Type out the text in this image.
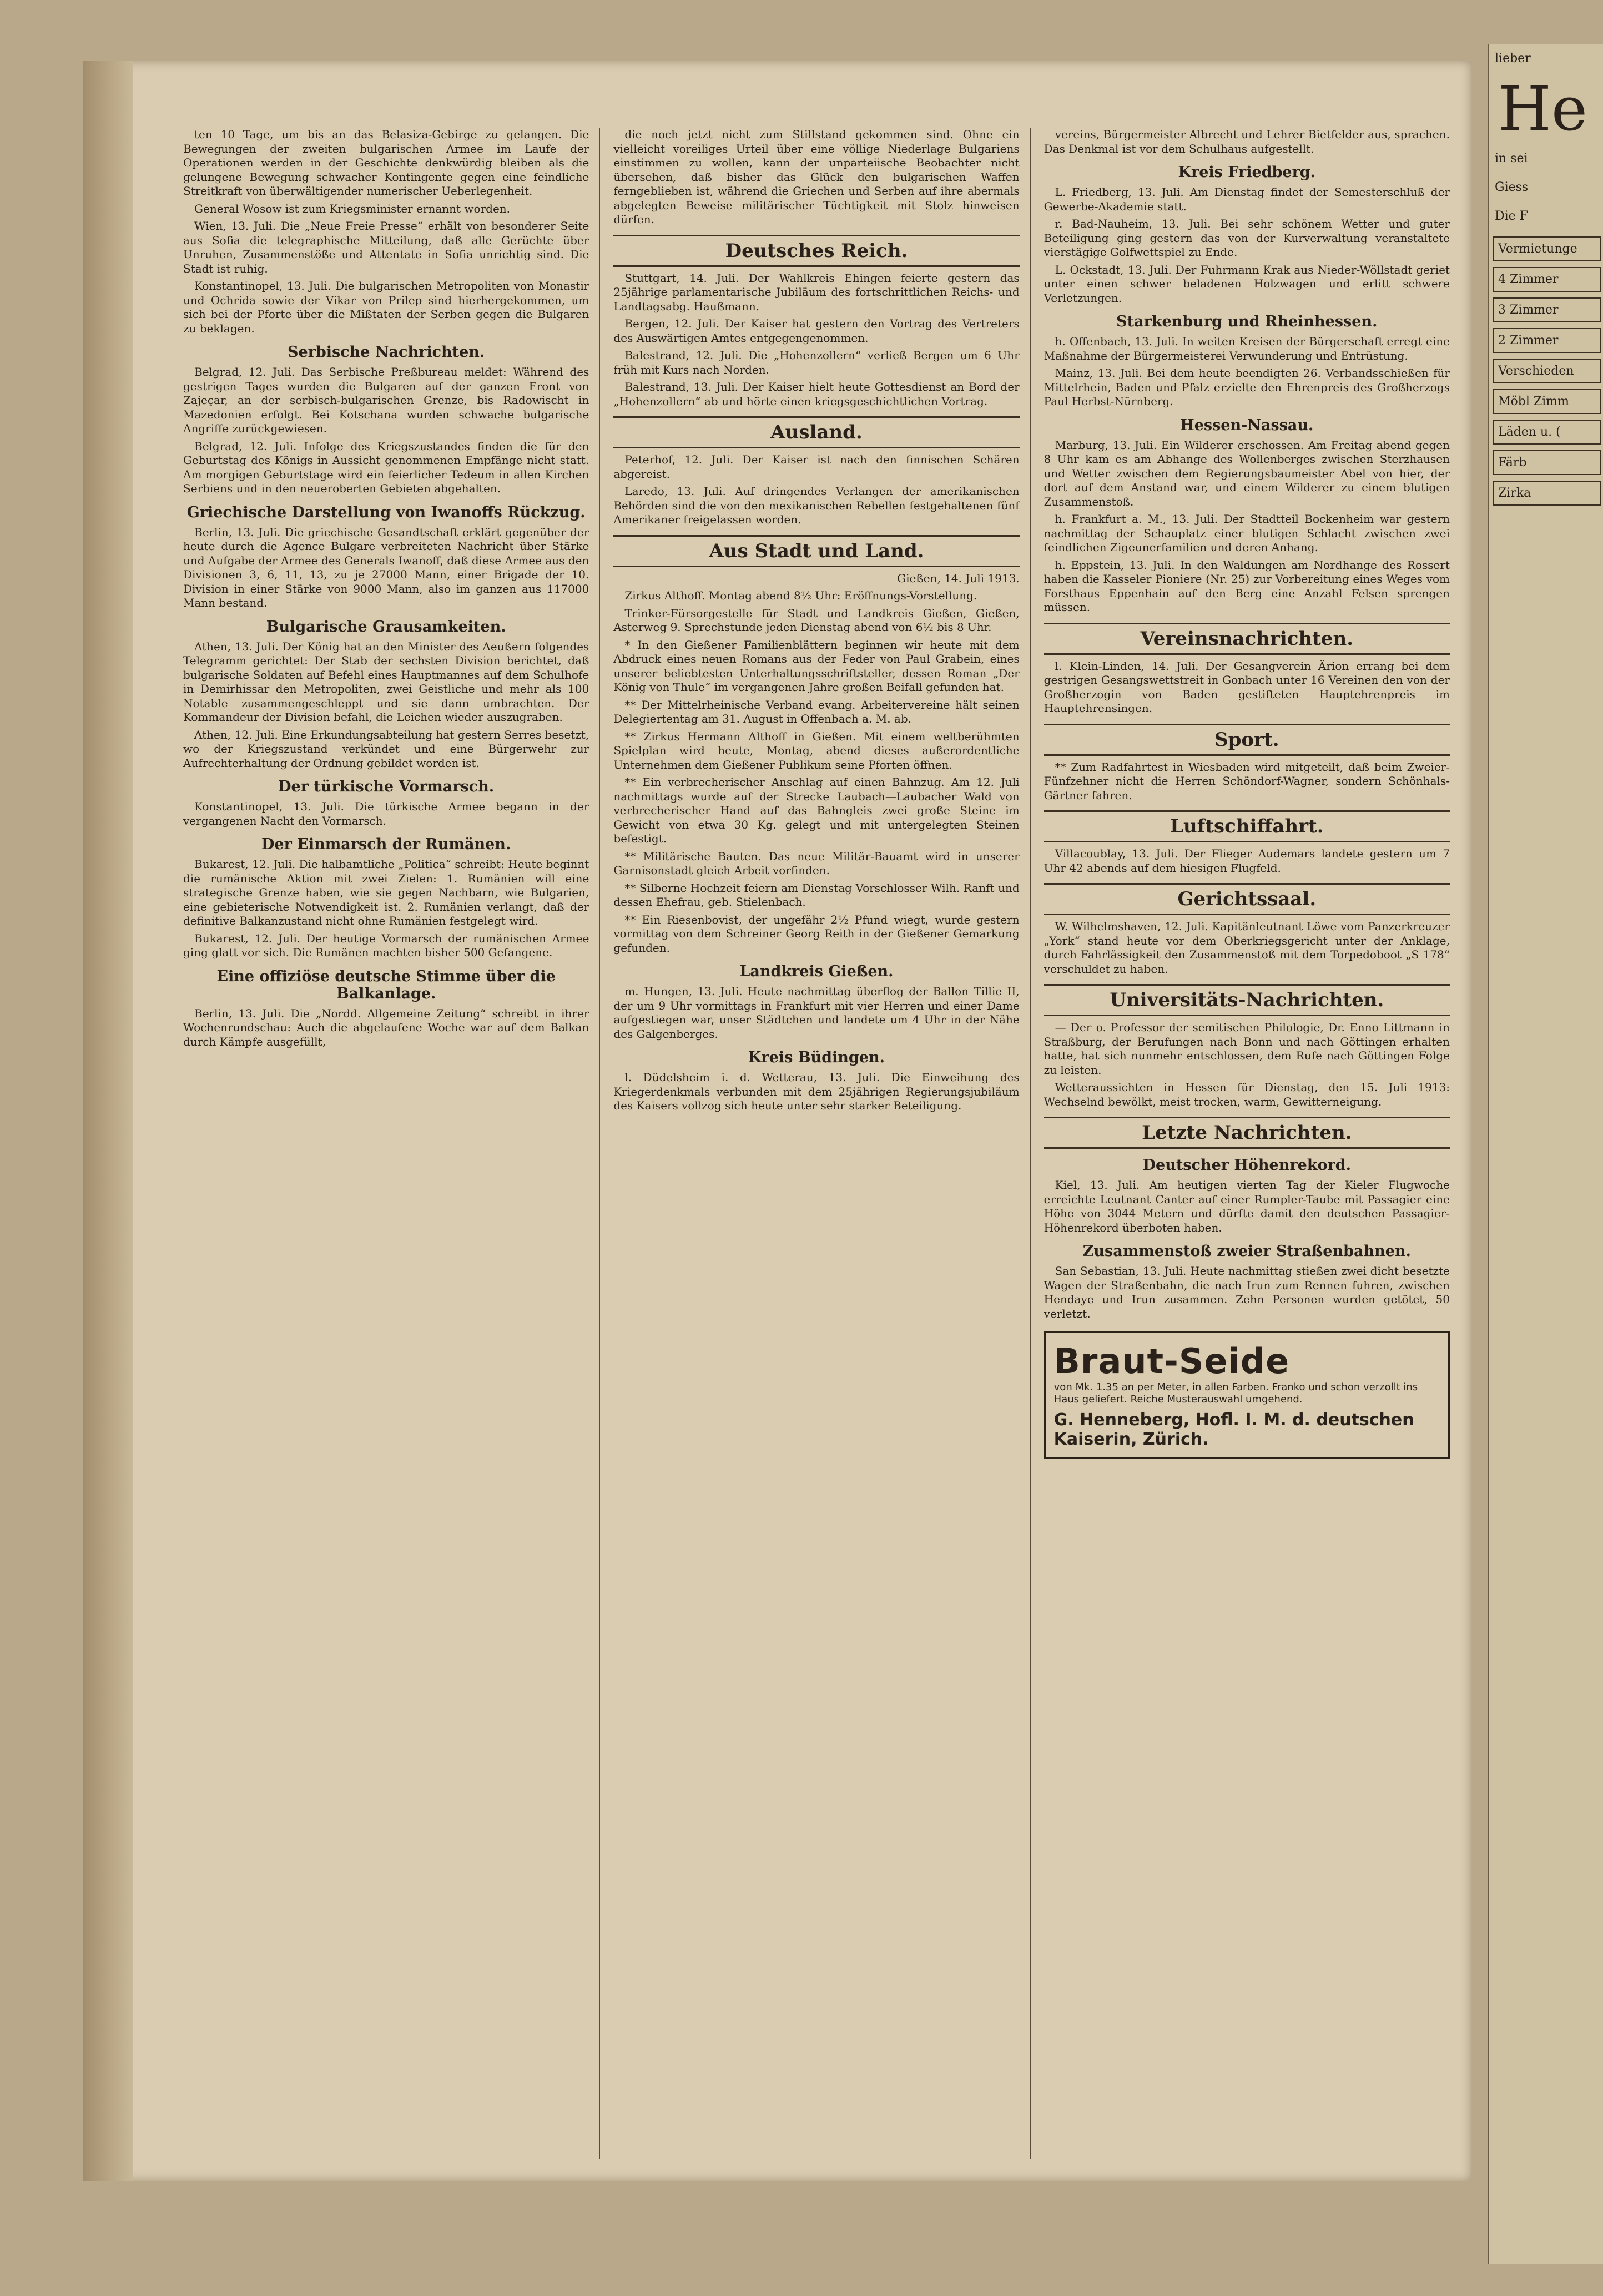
ten 10 Tage, um bis an das Belasiza-Gebirge zu gelangen. Die Bewegungen der zweiten bulgarischen Armee im Laufe der Operationen werden in der Geschichte denkwürdig bleiben als die gelungene Bewegung schwacher Kontingente gegen eine feindliche Streitkraft von überwältigender numerischer Ueberlegenheit.

General Wosow ist zum Kriegsminister ernannt worden.

Wien, 13. Juli. Die „Neue Freie Presse“ erhält von besonderer Seite aus Sofia die telegraphische Mitteilung, daß alle Gerüchte über Unruhen, Zusammenstöße und Attentate in Sofia unrichtig sind. Die Stadt ist ruhig.

Konstantinopel, 13. Juli. Die bulgarischen Metropoliten von Monastir und Ochrida sowie der Vikar von Prilep sind hierhergekommen, um sich bei der Pforte über die Mißtaten der Serben gegen die Bulgaren zu beklagen.

Serbische Nachrichten.

Belgrad, 12. Juli. Das Serbische Preßbureau meldet: Während des gestrigen Tages wurden die Bulgaren auf der ganzen Front von Zajeçar, an der serbisch-bulgarischen Grenze, bis Radowischt in Mazedonien erfolgt. Bei Kotschana wurden schwache bulgarische Angriffe zurückgewiesen.

Belgrad, 12. Juli. Infolge des Kriegszustandes finden die für den Geburtstag des Königs in Aussicht genommenen Empfänge nicht statt. Am morgigen Geburtstage wird ein feierlicher Tedeum in allen Kirchen Serbiens und in den neueroberten Gebieten abgehalten.

Griechische Darstellung von Iwanoffs Rückzug.

Berlin, 13. Juli. Die griechische Gesandtschaft erklärt gegenüber der heute durch die Agence Bulgare verbreiteten Nachricht über Stärke und Aufgabe der Armee des Generals Iwanoff, daß diese Armee aus den Divisionen 3, 6, 11, 13, zu je 27000 Mann, einer Brigade der 10. Division in einer Stärke von 9000 Mann, also im ganzen aus 117000 Mann bestand.

Bulgarische Grausamkeiten.

Athen, 13. Juli. Der König hat an den Minister des Aeußern folgendes Telegramm gerichtet: Der Stab der sechsten Division berichtet, daß bulgarische Soldaten auf Befehl eines Hauptmannes auf dem Schulhofe in Demirhissar den Metropoliten, zwei Geistliche und mehr als 100 Notable zusammengeschleppt und sie dann umbrachten. Der Kommandeur der Division befahl, die Leichen wieder auszugraben.

Athen, 12. Juli. Eine Erkundungsabteilung hat gestern Serres besetzt, wo der Kriegszustand verkündet und eine Bürgerwehr zur Aufrechterhaltung der Ordnung gebildet worden ist.

Der türkische Vormarsch.

Konstantinopel, 13. Juli. Die türkische Armee begann in der vergangenen Nacht den Vormarsch.

Der Einmarsch der Rumänen.

Bukarest, 12. Juli. Die halbamtliche „Politica“ schreibt: Heute beginnt die rumänische Aktion mit zwei Zielen: 1. Rumänien will eine strategische Grenze haben, wie sie gegen Nachbarn, wie Bulgarien, eine gebieterische Notwendigkeit ist. 2. Rumänien verlangt, daß der definitive Balkanzustand nicht ohne Rumänien festgelegt wird.

Bukarest, 12. Juli. Der heutige Vormarsch der rumänischen Armee ging glatt vor sich. Die Rumänen machten bisher 500 Gefangene.

Eine offiziöse deutsche Stimme über die Balkanlage.

Berlin, 13. Juli. Die „Nordd. Allgemeine Zeitung“ schreibt in ihrer Wochenrundschau: Auch die abgelaufene Woche war auf dem Balkan durch Kämpfe ausgefüllt,

die noch jetzt nicht zum Stillstand gekommen sind. Ohne ein vielleicht voreiliges Urteil über eine völlige Niederlage Bulgariens einstimmen zu wollen, kann der unparteiische Beobachter nicht übersehen, daß bisher das Glück den bulgarischen Waffen ferngeblieben ist, während die Griechen und Serben auf ihre abermals abgelegten Beweise militärischer Tüchtigkeit mit Stolz hinweisen dürfen.

Deutsches Reich.

Stuttgart, 14. Juli. Der Wahlkreis Ehingen feierte gestern das 25jährige parlamentarische Jubiläum des fortschrittlichen Reichs- und Landtagsabg. Haußmann.

Bergen, 12. Juli. Der Kaiser hat gestern den Vortrag des Vertreters des Auswärtigen Amtes entgegengenommen.

Balestrand, 12. Juli. Die „Hohenzollern“ verließ Bergen um 6 Uhr früh mit Kurs nach Norden.

Balestrand, 13. Juli. Der Kaiser hielt heute Gottesdienst an Bord der „Hohenzollern“ ab und hörte einen kriegsgeschichtlichen Vortrag.

Ausland.

Peterhof, 12. Juli. Der Kaiser ist nach den finnischen Schären abgereist.

Laredo, 13. Juli. Auf dringendes Verlangen der amerikanischen Behörden sind die von den mexikanischen Rebellen festgehaltenen fünf Amerikaner freigelassen worden.

Aus Stadt und Land.

Gießen, 14. Juli 1913.

Zirkus Althoff. Montag abend 8½ Uhr: Eröffnungs-Vorstellung.

Trinker-Fürsorgestelle für Stadt und Landkreis Gießen, Gießen, Asterweg 9. Sprechstunde jeden Dienstag abend von 6½ bis 8 Uhr.

* In den Gießener Familienblättern beginnen wir heute mit dem Abdruck eines neuen Romans aus der Feder von Paul Grabein, eines unserer beliebtesten Unterhaltungsschriftsteller, dessen Roman „Der König von Thule“ im vergangenen Jahre großen Beifall gefunden hat.

** Der Mittelrheinische Verband evang. Arbeitervereine hält seinen Delegiertentag am 31. August in Offenbach a. M. ab.

** Zirkus Hermann Althoff in Gießen. Mit einem weltberühmten Spielplan wird heute, Montag, abend dieses außerordentliche Unternehmen dem Gießener Publikum seine Pforten öffnen.

** Ein verbrecherischer Anschlag auf einen Bahnzug. Am 12. Juli nachmittags wurde auf der Strecke Laubach—Laubacher Wald von verbrecherischer Hand auf das Bahngleis zwei große Steine im Gewicht von etwa 30 Kg. gelegt und mit untergelegten Steinen befestigt.

** Militärische Bauten. Das neue Militär-Bauamt wird in unserer Garnisonstadt gleich Arbeit vorfinden.

** Silberne Hochzeit feiern am Dienstag Vorschlosser Wilh. Ranft und dessen Ehefrau, geb. Stielenbach.

** Ein Riesenbovist, der ungefähr 2½ Pfund wiegt, wurde gestern vormittag von dem Schreiner Georg Reith in der Gießener Gemarkung gefunden.

Landkreis Gießen.

m. Hungen, 13. Juli. Heute nachmittag überflog der Ballon Tillie II, der um 9 Uhr vormittags in Frankfurt mit vier Herren und einer Dame aufgestiegen war, unser Städtchen und landete um 4 Uhr in der Nähe des Galgenberges.

Kreis Büdingen.

l. Düdelsheim i. d. Wetterau, 13. Juli. Die Einweihung des Kriegerdenkmals verbunden mit dem 25jährigen Regierungsjubiläum des Kaisers vollzog sich heute unter sehr starker Beteiligung.

vereins, Bürgermeister Albrecht und Lehrer Bietfelder aus, sprachen. Das Denkmal ist vor dem Schulhaus aufgestellt.

Kreis Friedberg.

L. Friedberg, 13. Juli. Am Dienstag findet der Semesterschluß der Gewerbe-Akademie statt.

r. Bad-Nauheim, 13. Juli. Bei sehr schönem Wetter und guter Beteiligung ging gestern das von der Kurverwaltung veranstaltete vierstägige Golfwettspiel zu Ende.

L. Ockstadt, 13. Juli. Der Fuhrmann Krak aus Nieder-Wöllstadt geriet unter einen schwer beladenen Holzwagen und erlitt schwere Verletzungen.

Starkenburg und Rheinhessen.

h. Offenbach, 13. Juli. In weiten Kreisen der Bürgerschaft erregt eine Maßnahme der Bürgermeisterei Verwunderung und Entrüstung.

Mainz, 13. Juli. Bei dem heute beendigten 26. Verbandsschießen für Mittelrhein, Baden und Pfalz erzielte den Ehrenpreis des Großherzogs Paul Herbst-Nürnberg.

Hessen-Nassau.

Marburg, 13. Juli. Ein Wilderer erschossen. Am Freitag abend gegen 8 Uhr kam es am Abhange des Wollenberges zwischen Sterzhausen und Wetter zwischen dem Regierungsbaumeister Abel von hier, der dort auf dem Anstand war, und einem Wilderer zu einem blutigen Zusammenstoß.

h. Frankfurt a. M., 13. Juli. Der Stadtteil Bockenheim war gestern nachmittag der Schauplatz einer blutigen Schlacht zwischen zwei feindlichen Zigeunerfamilien und deren Anhang.

h. Eppstein, 13. Juli. In den Waldungen am Nordhange des Rossert haben die Kasseler Pioniere (Nr. 25) zur Vorbereitung eines Weges vom Forsthaus Eppenhain auf den Berg eine Anzahl Felsen sprengen müssen.

Vereinsnachrichten.

l. Klein-Linden, 14. Juli. Der Gesangverein Ärion errang bei dem gestrigen Gesangswettstreit in Gonbach unter 16 Vereinen den von der Großherzogin von Baden gestifteten Hauptehrenpreis im Hauptehrensingen.

Sport.

** Zum Radfahrtest in Wiesbaden wird mitgeteilt, daß beim Zweier-Fünfzehner nicht die Herren Schöndorf-Wagner, sondern Schönhals-Gärtner fahren.

Luftschiffahrt.

Villacoublay, 13. Juli. Der Flieger Audemars landete gestern um 7 Uhr 42 abends auf dem hiesigen Flugfeld.

Gerichtssaal.

W. Wilhelmshaven, 12. Juli. Kapitänleutnant Löwe vom Panzerkreuzer „York“ stand heute vor dem Oberkriegsgericht unter der Anklage, durch Fahrlässigkeit den Zusammenstoß mit dem Torpedoboot „S 178“ verschuldet zu haben.

Universitäts-Nachrichten.

— Der o. Professor der semitischen Philologie, Dr. Enno Littmann in Straßburg, der Berufungen nach Bonn und nach Göttingen erhalten hatte, hat sich nunmehr entschlossen, dem Rufe nach Göttingen Folge zu leisten.

Wetteraussichten in Hessen für Dienstag, den 15. Juli 1913: Wechselnd bewölkt, meist trocken, warm, Gewitterneigung.

Letzte Nachrichten.
Deutscher Höhenrekord.

Kiel, 13. Juli. Am heutigen vierten Tag der Kieler Flugwoche erreichte Leutnant Canter auf einer Rumpler-Taube mit Passagier eine Höhe von 3044 Metern und dürfte damit den deutschen Passagier-Höhenrekord überboten haben.

Zusammenstoß zweier Straßenbahnen.

San Sebastian, 13. Juli. Heute nachmittag stießen zwei dicht besetzte Wagen der Straßenbahn, die nach Irun zum Rennen fuhren, zwischen Hendaye und Irun zusammen. Zehn Personen wurden getötet, 50 verletzt.

Braut-Seide
von Mk. 1.35 an per Meter, in allen Farben. Franko und schon verzollt ins Haus geliefert. Reiche Musterauswahl umgehend.
G. Henneberg, Hofl. I. M. d. deutschen Kaiserin, Zürich.
lieber
He
in sei
Giess
Die F
Vermietunge
4 Zimmer
3 Zimmer
2 Zimmer
Verschieden
Möbl Zimm
Läden u. (
Färb
Zirka
